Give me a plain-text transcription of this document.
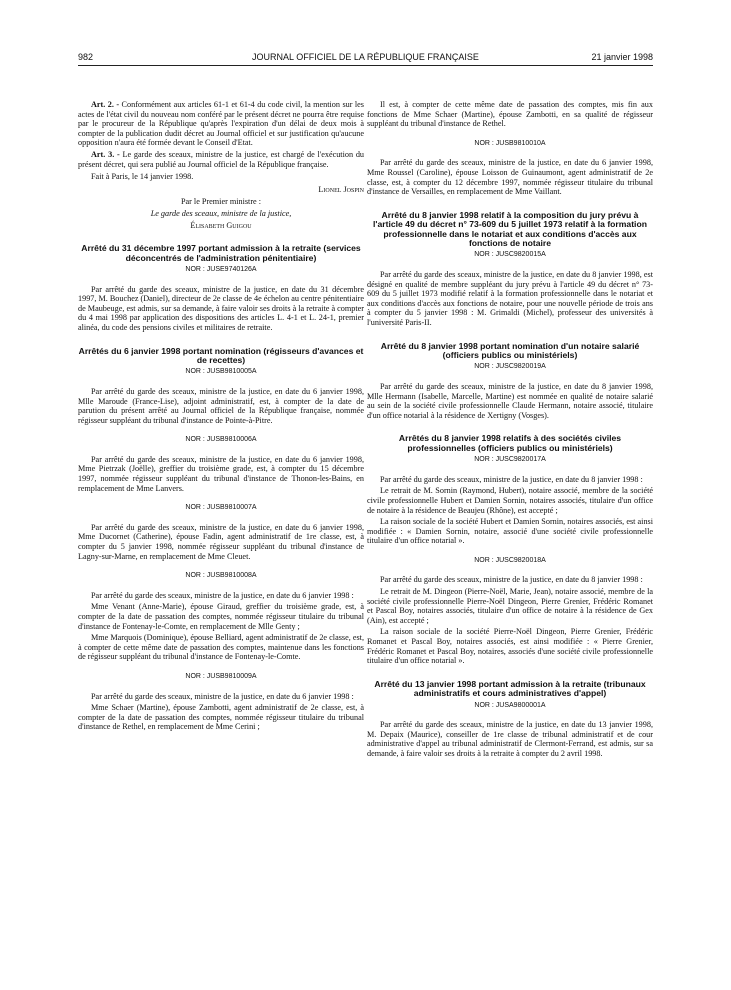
982	JOURNAL OFFICIEL DE LA RÉPUBLIQUE FRANÇAISE	21 janvier 1998

Art. 2. - Conformément aux articles 61-1 et 61-4 du code civil, la mention sur les actes de l'état civil du nouveau nom conféré par le présent décret ne pourra être requise par le procureur de la République qu'après l'expiration d'un délai de deux mois à compter de la publication dudit décret au Journal officiel et sur justification qu'aucune opposition n'aura été formée devant le Conseil d'Etat.

Art. 3. - Le garde des sceaux, ministre de la justice, est chargé de l'exécution du présent décret, qui sera publié au Journal officiel de la République française.

Fait à Paris, le 14 janvier 1998.

Lionel Jospin
Par le Premier ministre :
Le garde des sceaux, ministre de la justice,
Élisabeth Guigou
Arrêté du 31 décembre 1997 portant admission à la retraite (services déconcentrés de l'administration pénitentiaire)
NOR : JUSE9740126A

Par arrêté du garde des sceaux, ministre de la justice, en date du 31 décembre 1997, M. Bouchez (Daniel), directeur de 2e classe de 4e échelon au centre pénitentiaire de Maubeuge, est admis, sur sa demande, à faire valoir ses droits à la retraite à compter du 4 mai 1998 par application des dispositions des articles L. 4-1 et L. 24-1, premier alinéa, du code des pensions civiles et militaires de retraite.

Arrêtés du 6 janvier 1998 portant nomination (régisseurs d'avances et de recettes)
NOR : JUSB9810005A

Par arrêté du garde des sceaux, ministre de la justice, en date du 6 janvier 1998, Mlle Maroude (France-Lise), adjoint administratif, est, à compter de la date de parution du présent arrêté au Journal officiel de la République française, nommée régisseur suppléant du tribunal d'instance de Pointe-à-Pitre.

NOR : JUSB9810006A

Par arrêté du garde des sceaux, ministre de la justice, en date du 6 janvier 1998, Mme Pietrzak (Joëlle), greffier du troisième grade, est, à compter du 15 décembre 1997, nommée régisseur suppléant du tribunal d'instance de Thonon-les-Bains, en remplacement de Mme Lanvers.

NOR : JUSB9810007A

Par arrêté du garde des sceaux, ministre de la justice, en date du 6 janvier 1998, Mme Ducornet (Catherine), épouse Fadin, agent administratif de 1re classe, est, à compter du 5 janvier 1998, nommée régisseur suppléant du tribunal d'instance de Lagny-sur-Marne, en remplacement de Mme Cleuet.

NOR : JUSB9810008A

Par arrêté du garde des sceaux, ministre de la justice, en date du 6 janvier 1998 :

Mme Venant (Anne-Marie), épouse Giraud, greffier du troisième grade, est, à compter de la date de passation des comptes, nommée régisseur titulaire du tribunal d'instance de Fontenay-le-Comte, en remplacement de Mlle Genty ;

Mme Marquois (Dominique), épouse Belliard, agent administratif de 2e classe, est, à compter de cette même date de passation des comptes, maintenue dans les fonctions de régisseur suppléant du tribunal d'instance de Fontenay-le-Comte.

NOR : JUSB9810009A

Par arrêté du garde des sceaux, ministre de la justice, en date du 6 janvier 1998 :

Mme Schaer (Martine), épouse Zambotti, agent administratif de 2e classe, est, à compter de la date de passation des comptes, nommée régisseur titulaire du tribunal d'instance de Rethel, en remplacement de Mme Cerini ;

Il est, à compter de cette même date de passation des comptes, mis fin aux fonctions de Mme Schaer (Martine), épouse Zambotti, en sa qualité de régisseur suppléant du tribunal d'instance de Rethel.

NOR : JUSB9810010A

Par arrêté du garde des sceaux, ministre de la justice, en date du 6 janvier 1998, Mme Roussel (Caroline), épouse Loisson de Guinaumont, agent administratif de 2e classe, est, à compter du 12 décembre 1997, nommée régisseur titulaire du tribunal d'instance de Versailles, en remplacement de Mme Vaillant.

Arrêté du 8 janvier 1998 relatif à la composition du jury prévu à l'article 49 du décret n° 73-609 du 5 juillet 1973 relatif à la formation professionnelle dans le notariat et aux conditions d'accès aux fonctions de notaire
NOR : JUSC9820015A

Par arrêté du garde des sceaux, ministre de la justice, en date du 8 janvier 1998, est désigné en qualité de membre suppléant du jury prévu à l'article 49 du décret n° 73-609 du 5 juillet 1973 modifié relatif à la formation professionnelle dans le notariat et aux conditions d'accès aux fonctions de notaire, pour une nouvelle période de trois ans à compter du 5 janvier 1998 : M. Grimaldi (Michel), professeur des universités à l'université Paris-II.

Arrêté du 8 janvier 1998 portant nomination d'un notaire salarié (officiers publics ou ministériels)
NOR : JUSC9820019A

Par arrêté du garde des sceaux, ministre de la justice, en date du 8 janvier 1998, Mlle Hermann (Isabelle, Marcelle, Martine) est nommée en qualité de notaire salarié au sein de la société civile professionnelle Claude Hermann, notaire associé, titulaire d'un office notarial à la résidence de Xertigny (Vosges).

Arrêtés du 8 janvier 1998 relatifs à des sociétés civiles professionnelles (officiers publics ou ministériels)
NOR : JUSC9820017A

Par arrêté du garde des sceaux, ministre de la justice, en date du 8 janvier 1998 :

Le retrait de M. Sornin (Raymond, Hubert), notaire associé, membre de la société civile professionnelle Hubert et Damien Sornin, notaires associés, titulaire d'un office de notaire à la résidence de Beaujeu (Rhône), est accepté ;

La raison sociale de la société Hubert et Damien Sornin, notaires associés, est ainsi modifiée : « Damien Sornin, notaire, associé d'une société civile professionnelle titulaire d'un office notarial ».

NOR : JUSC9820018A

Par arrêté du garde des sceaux, ministre de la justice, en date du 8 janvier 1998 :

Le retrait de M. Dingeon (Pierre-Noël, Marie, Jean), notaire associé, membre de la société civile professionnelle Pierre-Noël Dingeon, Pierre Grenier, Frédéric Romanet et Pascal Boy, notaires associés, titulaire d'un office de notaire à la résidence de Gex (Ain), est accepté ;

La raison sociale de la société Pierre-Noël Dingeon, Pierre Grenier, Frédéric Romanet et Pascal Boy, notaires associés, est ainsi modifiée : « Pierre Grenier, Frédéric Romanet et Pascal Boy, notaires, associés d'une société civile professionnelle titulaire d'un office notarial ».

Arrêté du 13 janvier 1998 portant admission à la retraite (tribunaux administratifs et cours administratives d'appel)
NOR : JUSA9800001A

Par arrêté du garde des sceaux, ministre de la justice, en date du 13 janvier 1998, M. Depaix (Maurice), conseiller de 1re classe de tribunal administratif et de cour administrative d'appel au tribunal administratif de Clermont-Ferrand, est admis, sur sa demande, à faire valoir ses droits à la retraite à compter du 2 avril 1998.
